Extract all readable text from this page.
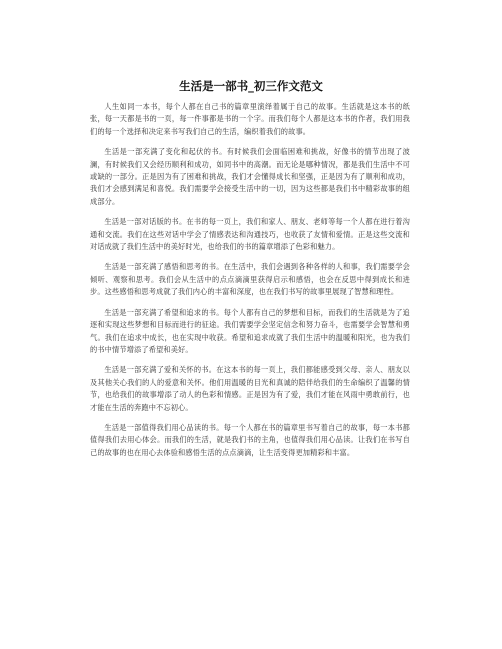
生活是一部书_初三作文范文

人生如同一本书，每个人都在自己书的篇章里演绎着属于自己的故事。生活就是这本书的纸张，每一天都是书的一页，每一件事都是书的一个字。而我们每个人都是这本书的作者，我们用我们的每一个选择和决定来书写我们自己的生活，编织着我们的故事。

生活是一部充满了变化和起伏的书。有时候我们会面临困难和挑战，好像书的情节出现了波澜，有时候我们又会经历顺利和成功，如同书中的高潮。而无论是哪种情况，都是我们生活中不可或缺的一部分。正是因为有了困难和挑战，我们才会懂得成长和坚强，正是因为有了顺利和成功，我们才会感到满足和喜悦。我们需要学会接受生活中的一切，因为这些都是我们书中精彩故事的组成部分。

生活是一部对话版的书。在书的每一页上，我们和家人、朋友、老师等每一个人都在进行着沟通和交流。我们在这些对话中学会了情感表达和沟通技巧，也收获了友情和爱情。正是这些交流和对话成就了我们生活中的美好时光，也给我们的书的篇章增添了色彩和魅力。

生活是一部充满了感悟和思考的书。在生活中，我们会遇到各种各样的人和事，我们需要学会倾听、观察和思考。我们会从生活中的点点滴滴里获得启示和感悟，也会在反思中得到成长和进步。这些感悟和思考成就了我们内心的丰富和深度，也在我们书写的故事里展现了智慧和理性。

生活是一部充满了希望和追求的书。每个人都有自己的梦想和目标，而我们的生活就是为了追逐和实现这些梦想和目标而进行的征途。我们需要学会坚定信念和努力奋斗，也需要学会智慧和勇气。我们在追求中成长，也在实现中收获。希望和追求成就了我们生活中的温暖和阳光，也为我们的书中情节增添了希望和美好。

生活是一部充满了爱和关怀的书。在这本书的每一页上，我们都能感受到父母、亲人、朋友以及其他关心我们的人的爱意和关怀。他们用温暖的目光和真诚的陪伴给我们的生命编织了温馨的情节，也给我们的故事增添了动人的色彩和情感。正是因为有了爱，我们才能在风雨中勇敢前行，也才能在生活的奔跑中不忘初心。

生活是一部值得我们用心品读的书。每一个人都在书的篇章里书写着自己的故事，每一本书都值得我们去用心体会。而我们的生活，就是我们书的主角，也值得我们用心品读。让我们在书写自己的故事的也在用心去体验和感悟生活的点点滴滴，让生活变得更加精彩和丰富。
